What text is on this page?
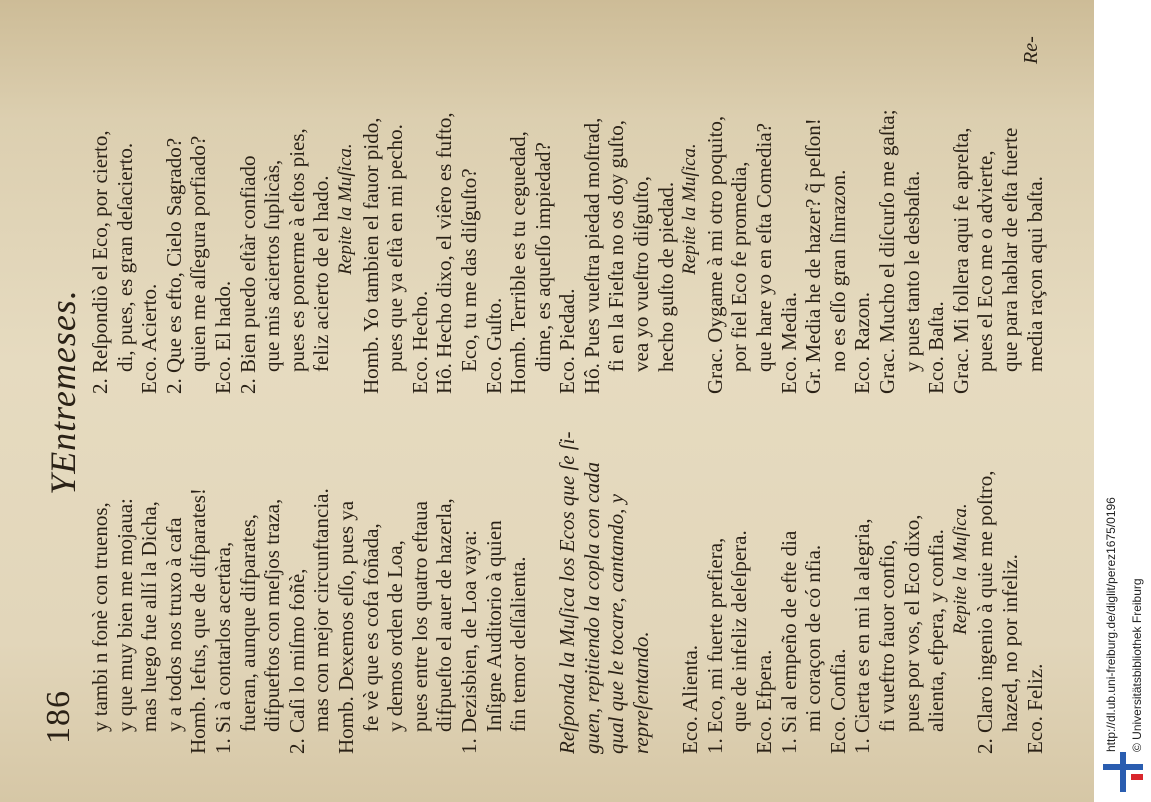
186
YEntremeses.
y tambi n fonè con truenos, y que muy bien me mojaua: mas luego fue allí la Dicha, y a todos nos truxo à cafa Homb. Iefus, que de difparates! 1. Si à contarlos acertàra, fueran, aunque difparates, difpueftos con meſjos traza, 2. Caſi lo miſmo foñè, mas con mejor circunftancia. Homb. Dexemos eſſo, pues ya fe vè que es cofa foñada, y demos orden de Loa, pues entre los quatro eftaua difpueſto el auer de hazerla, 1. Dezisbien, de Loa vaya: Inſigne Auditorio à quien fin temor deſſalienta. Reſponda la Muſica los Ecos que ſe ſi- guen, repitiendo la copla con cada qual que le tocare, cantando, y repreſentando. Eco. Alienta. 1. Eco, mi fuerte prefiera, que de infeliz deſeſpera. Eco. Efpera. 1. Si al empeño de efte dia mi coraçon de có nfia. Eco. Confia. 1. Cierta es en mi la alegria, fi vueftro fauor confio, pues por vos, el Eco dixo, alienta, efpera, y confia. Repite la Muſica. 2. Claro ingenio à quie me poſtro, hazed, no por infeliz. Eco. Feliz.
2. Reſpondiò el Eco, por cierto, di, pues, es gran deſacierto. Eco. Acierto. 2. Que es efto, Cielo Sagrado? quien me aſſegura porfiado? Eco. El hado. 2. Bien puedo eſtàr confiado que mis aciertos ſuplicàs, pues es ponerme à eſtos pies, feliz acierto de el hado. Repite la Muſica. Homb. Yo tambien el fauor pido, pues que ya eſtà en mi pecho. Eco. Hecho. Hô. Hecho dixo, el viêro es fufto, Eco, tu me das diſguſto? Eco. Guſto. Homb. Terrible es tu ceguedad, dime, es aqueſſo impiedad? Eco. Piedad. Hô. Pues vueſtra piedad moſtrad, fi en la Fieſta no os doy guſto, vea yo vueſtro diſguſto, hecho guſto de piedad. Repite la Muſica. Grac. Oygame à mi otro poquito, por fiel Eco fe promedia, que hare yo en eſta Comedia? Eco. Media. Gr. Media he de hazer? q̃ peſſon! no es eſſo gran ſinrazon. Eco. Razon. Grac. Mucho el diſcurſo me gaſta; y pues tanto le desbaſta. Eco. Baſta. Grac. Mi follera aqui fe apreſta, pues el Eco me o advierte, que para hablar de eſta fuerte media raçon aqui baſta.
Re-
http://dl.ub.uni-freiburg.de/diglit/perez1675/0196 © Universitätsbibliothek Freiburg
